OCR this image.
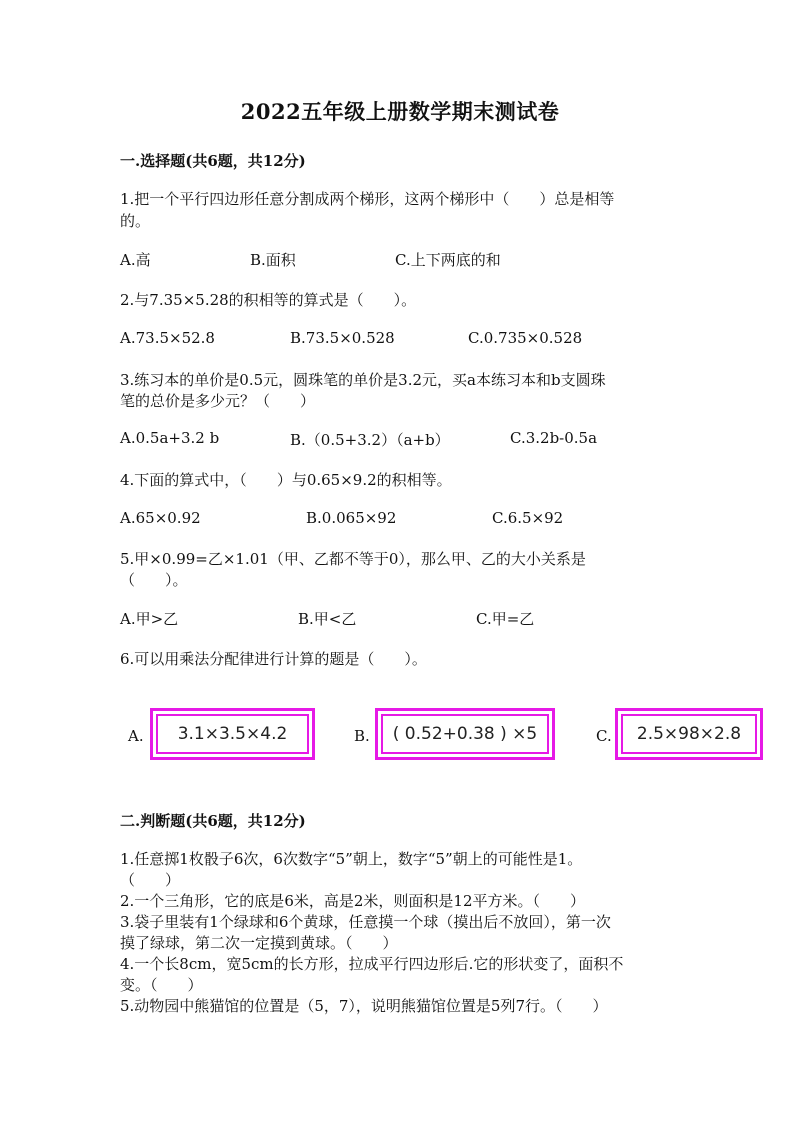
2022五年级上册数学期末测试卷
一.选择题(共6题，共12分)
1.把一个平行四边形任意分割成两个梯形，这两个梯形中（　　）总是相等
的。
A.高	B.面积	C.上下两底的和
2.与7.35×5.28的积相等的算式是（　　）。
A.73.5×52.8	B.73.5×0.528	C.0.735×0.528
3.练习本的单价是0.5元，圆珠笔的单价是3.2元，买a本练习本和b支圆珠
笔的总价是多少元？（　　）
A.0.5a+3.2 b	B.（0.5+3.2）（a+b）	C.3.2b-0.5a
4.下面的算式中，（　　）与0.65×9.2的积相等。
A.65×0.92	B.0.065×92	C.6.5×92
5.甲×0.99=乙×1.01（甲、乙都不等于0），那么甲、乙的大小关系是
（　　）。
A.甲>乙	B.甲<乙	C.甲=乙
6.可以用乘法分配律进行计算的题是（　　）。
A.	3.1×3.5×4.2	B.	( 0.52+0.38 ) ×5	C.	2.5×98×2.8
二.判断题(共6题，共12分)
1.任意掷1枚骰子6次，6次数字“5”朝上，数字“5”朝上的可能性是1。
（　　）
2.一个三角形，它的底是6米，高是2米，则面积是12平方米。（　　）
3.袋子里装有1个绿球和6个黄球，任意摸一个球（摸出后不放回），第一次
摸了绿球，第二次一定摸到黄球。（　　）
4.一个长8cm，宽5cm的长方形，拉成平行四边形后.它的形状变了，面积不
变。（　　）
5.动物园中熊猫馆的位置是（5，7），说明熊猫馆位置是5列7行。（　　）
